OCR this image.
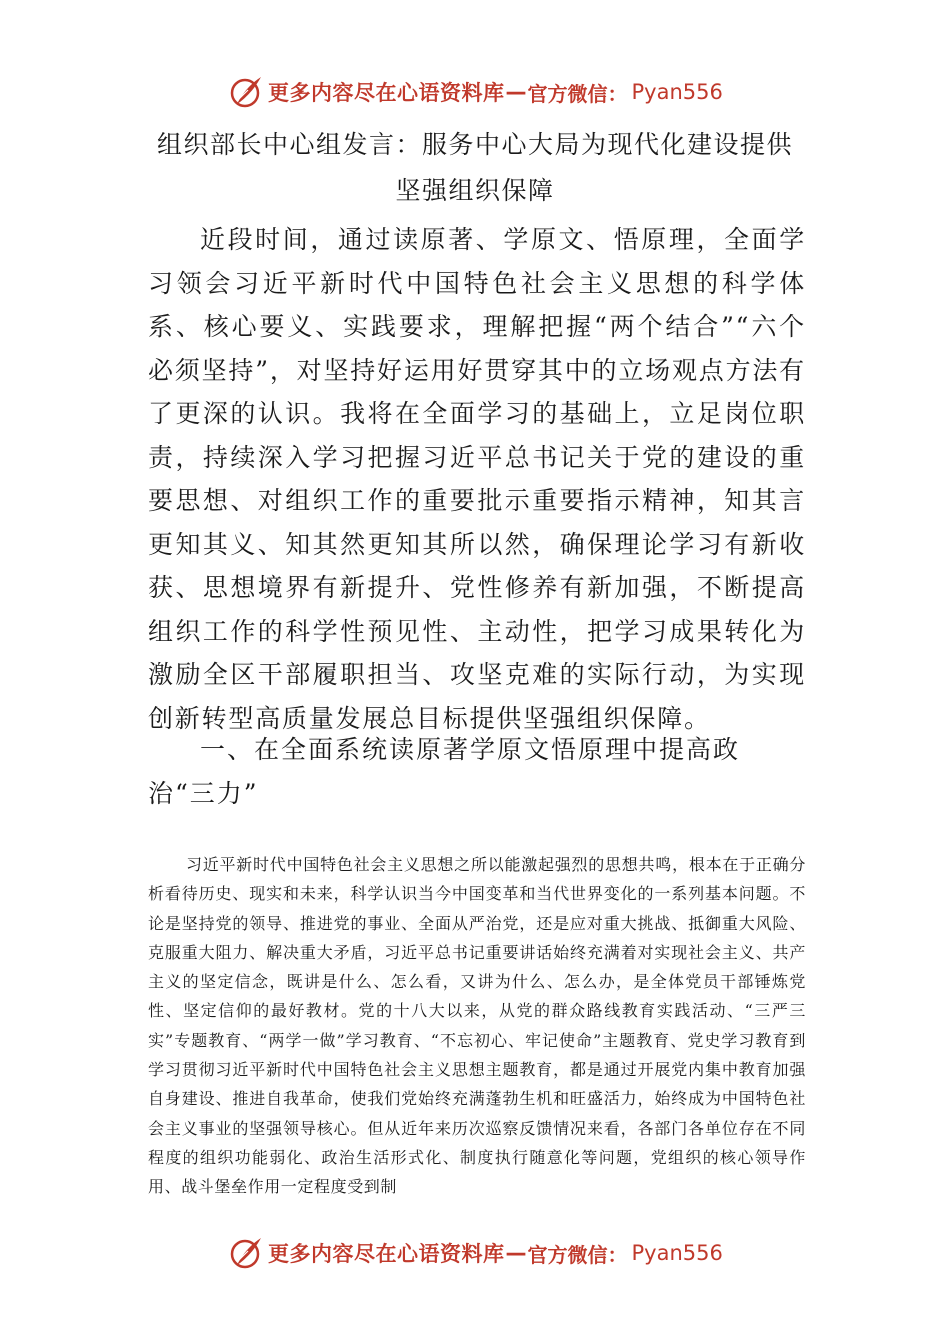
更多内容尽在心语资料库 — 官方微信： Pyan556
组织部长中心组发言：服务中心大局为现代化建设提供坚强组织保障
近段时间，通过读原著、学原文、悟原理，全面学习领会习近平新时代中国特色社会主义思想的科学体系、核心要义、实践要求，理解把握“两个结合”“六个必须坚持”，对坚持好运用好贯穿其中的立场观点方法有了更深的认识。我将在全面学习的基础上，立足岗位职责，持续深入学习把握习近平总书记关于党的建设的重要思想、对组织工作的重要批示重要指示精神，知其言更知其义、知其然更知其所以然，确保理论学习有新收获、思想境界有新提升、党性修养有新加强，不断提高组织工作的科学性预见性、主动性，把学习成果转化为激励全区干部履职担当、攻坚克难的实际行动，为实现创新转型高质量发展总目标提供坚强组织保障。
一、在全面系统读原著学原文悟原理中提高政治“三力”
习近平新时代中国特色社会主义思想之所以能激起强烈的思想共鸣，根本在于正确分析看待历史、现实和未来，科学认识当今中国变革和当代世界变化的一系列基本问题。不论是坚持党的领导、推进党的事业、全面从严治党，还是应对重大挑战、抵御重大风险、克服重大阻力、解决重大矛盾，习近平总书记重要讲话始终充满着对实现社会主义、共产主义的坚定信念，既讲是什么、怎么看，又讲为什么、怎么办，是全体党员干部锤炼党性、坚定信仰的最好教材。党的十八大以来，从党的群众路线教育实践活动、“三严三实”专题教育、“两学一做”学习教育、“不忘初心、牢记使命”主题教育、党史学习教育到学习贯彻习近平新时代中国特色社会主义思想主题教育，都是通过开展党内集中教育加强自身建设、推进自我革命，使我们党始终充满蓬勃生机和旺盛活力，始终成为中国特色社会主义事业的坚强领导核心。但从近年来历次巡察反馈情况来看，各部门各单位存在不同程度的组织功能弱化、政治生活形式化、制度执行随意化等问题，党组织的核心领导作用、战斗堡垒作用一定程度受到制
更多内容尽在心语资料库 — 官方微信： Pyan556
